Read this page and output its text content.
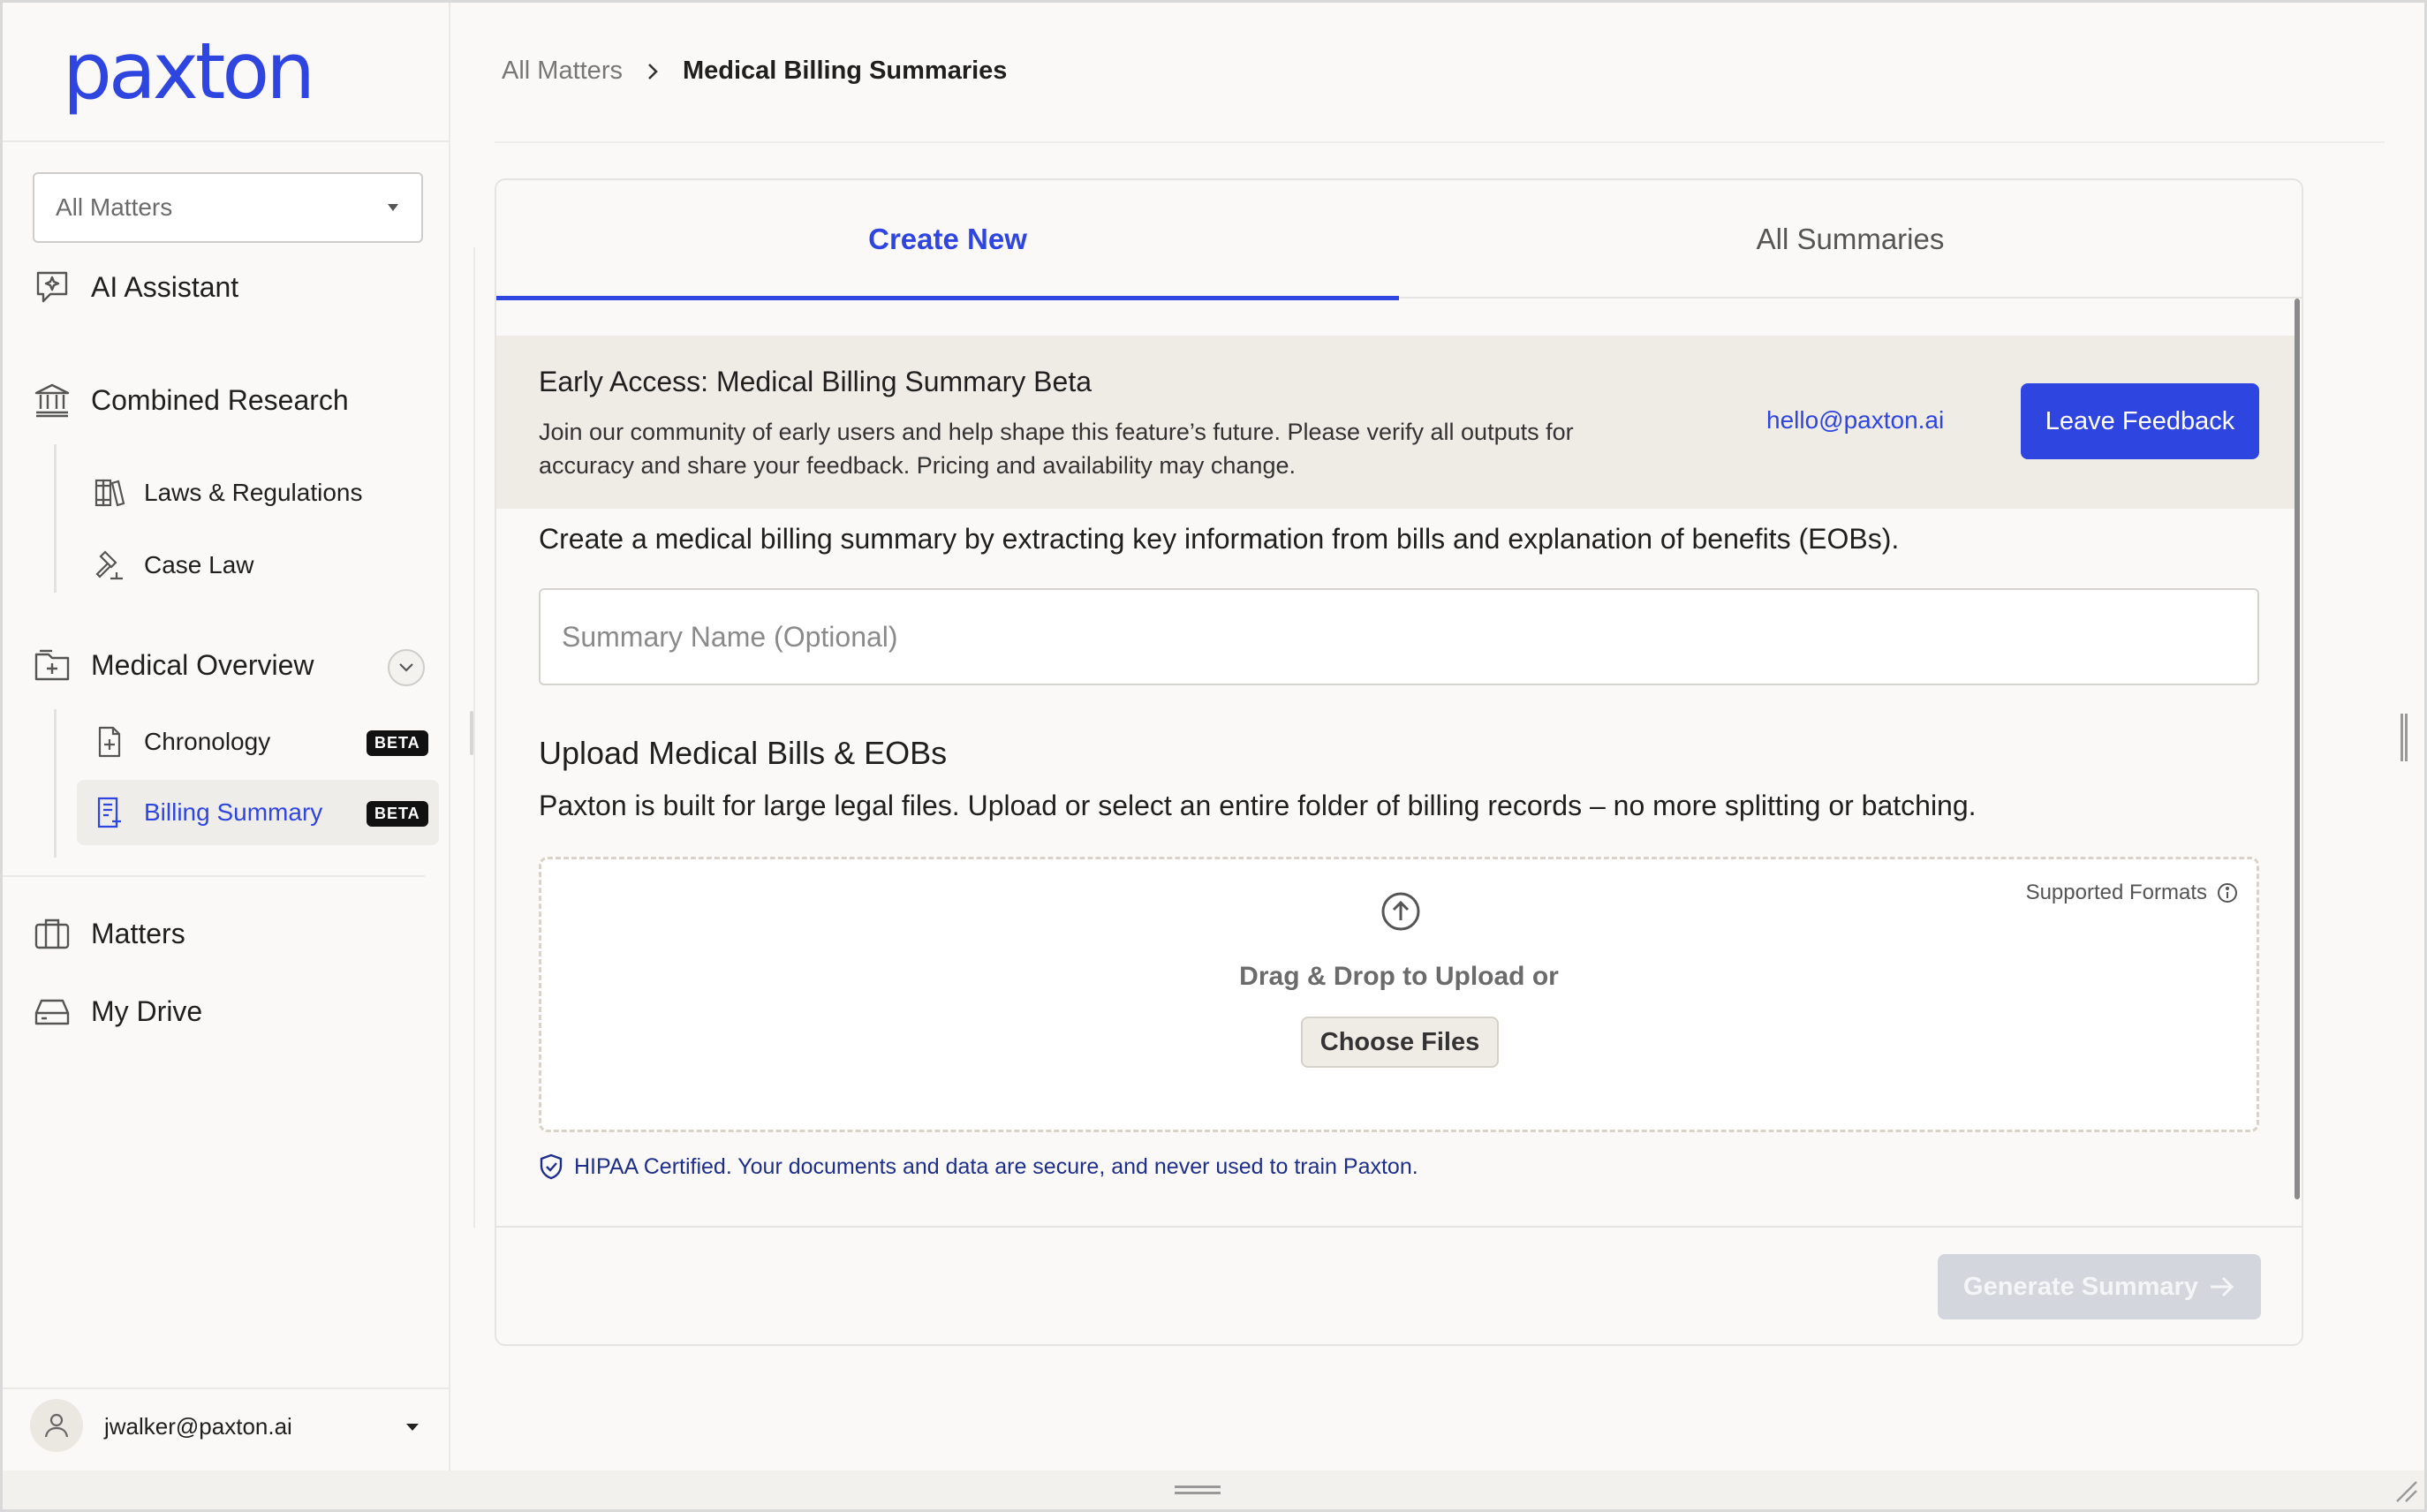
paxton
All Matters
AI Assistant
Combined Research
Laws & Regulations
Case Law
Medical Overview
Chronology	BETA
Billing Summary	BETA
Matters
My Drive
jwalker@paxton.ai
All Matters Medical Billing Summaries
Create New	All Summaries
Early Access: Medical Billing Summary Beta
Join our community of early users and help shape this feature’s future. Please verify all outputs for accuracy and share your feedback. Pricing and availability may change.
hello@paxton.ai	Leave Feedback
Create a medical billing summary by extracting key information from bills and explanation of benefits (EOBs).
Summary Name (Optional)
Upload Medical Bills & EOBs
Paxton is built for large legal files. Upload or select an entire folder of billing records – no more splitting or batching.
Supported Formats
Drag & Drop to Upload or
Choose Files
HIPAA Certified. Your documents and data are secure, and never used to train Paxton.
Generate Summary
